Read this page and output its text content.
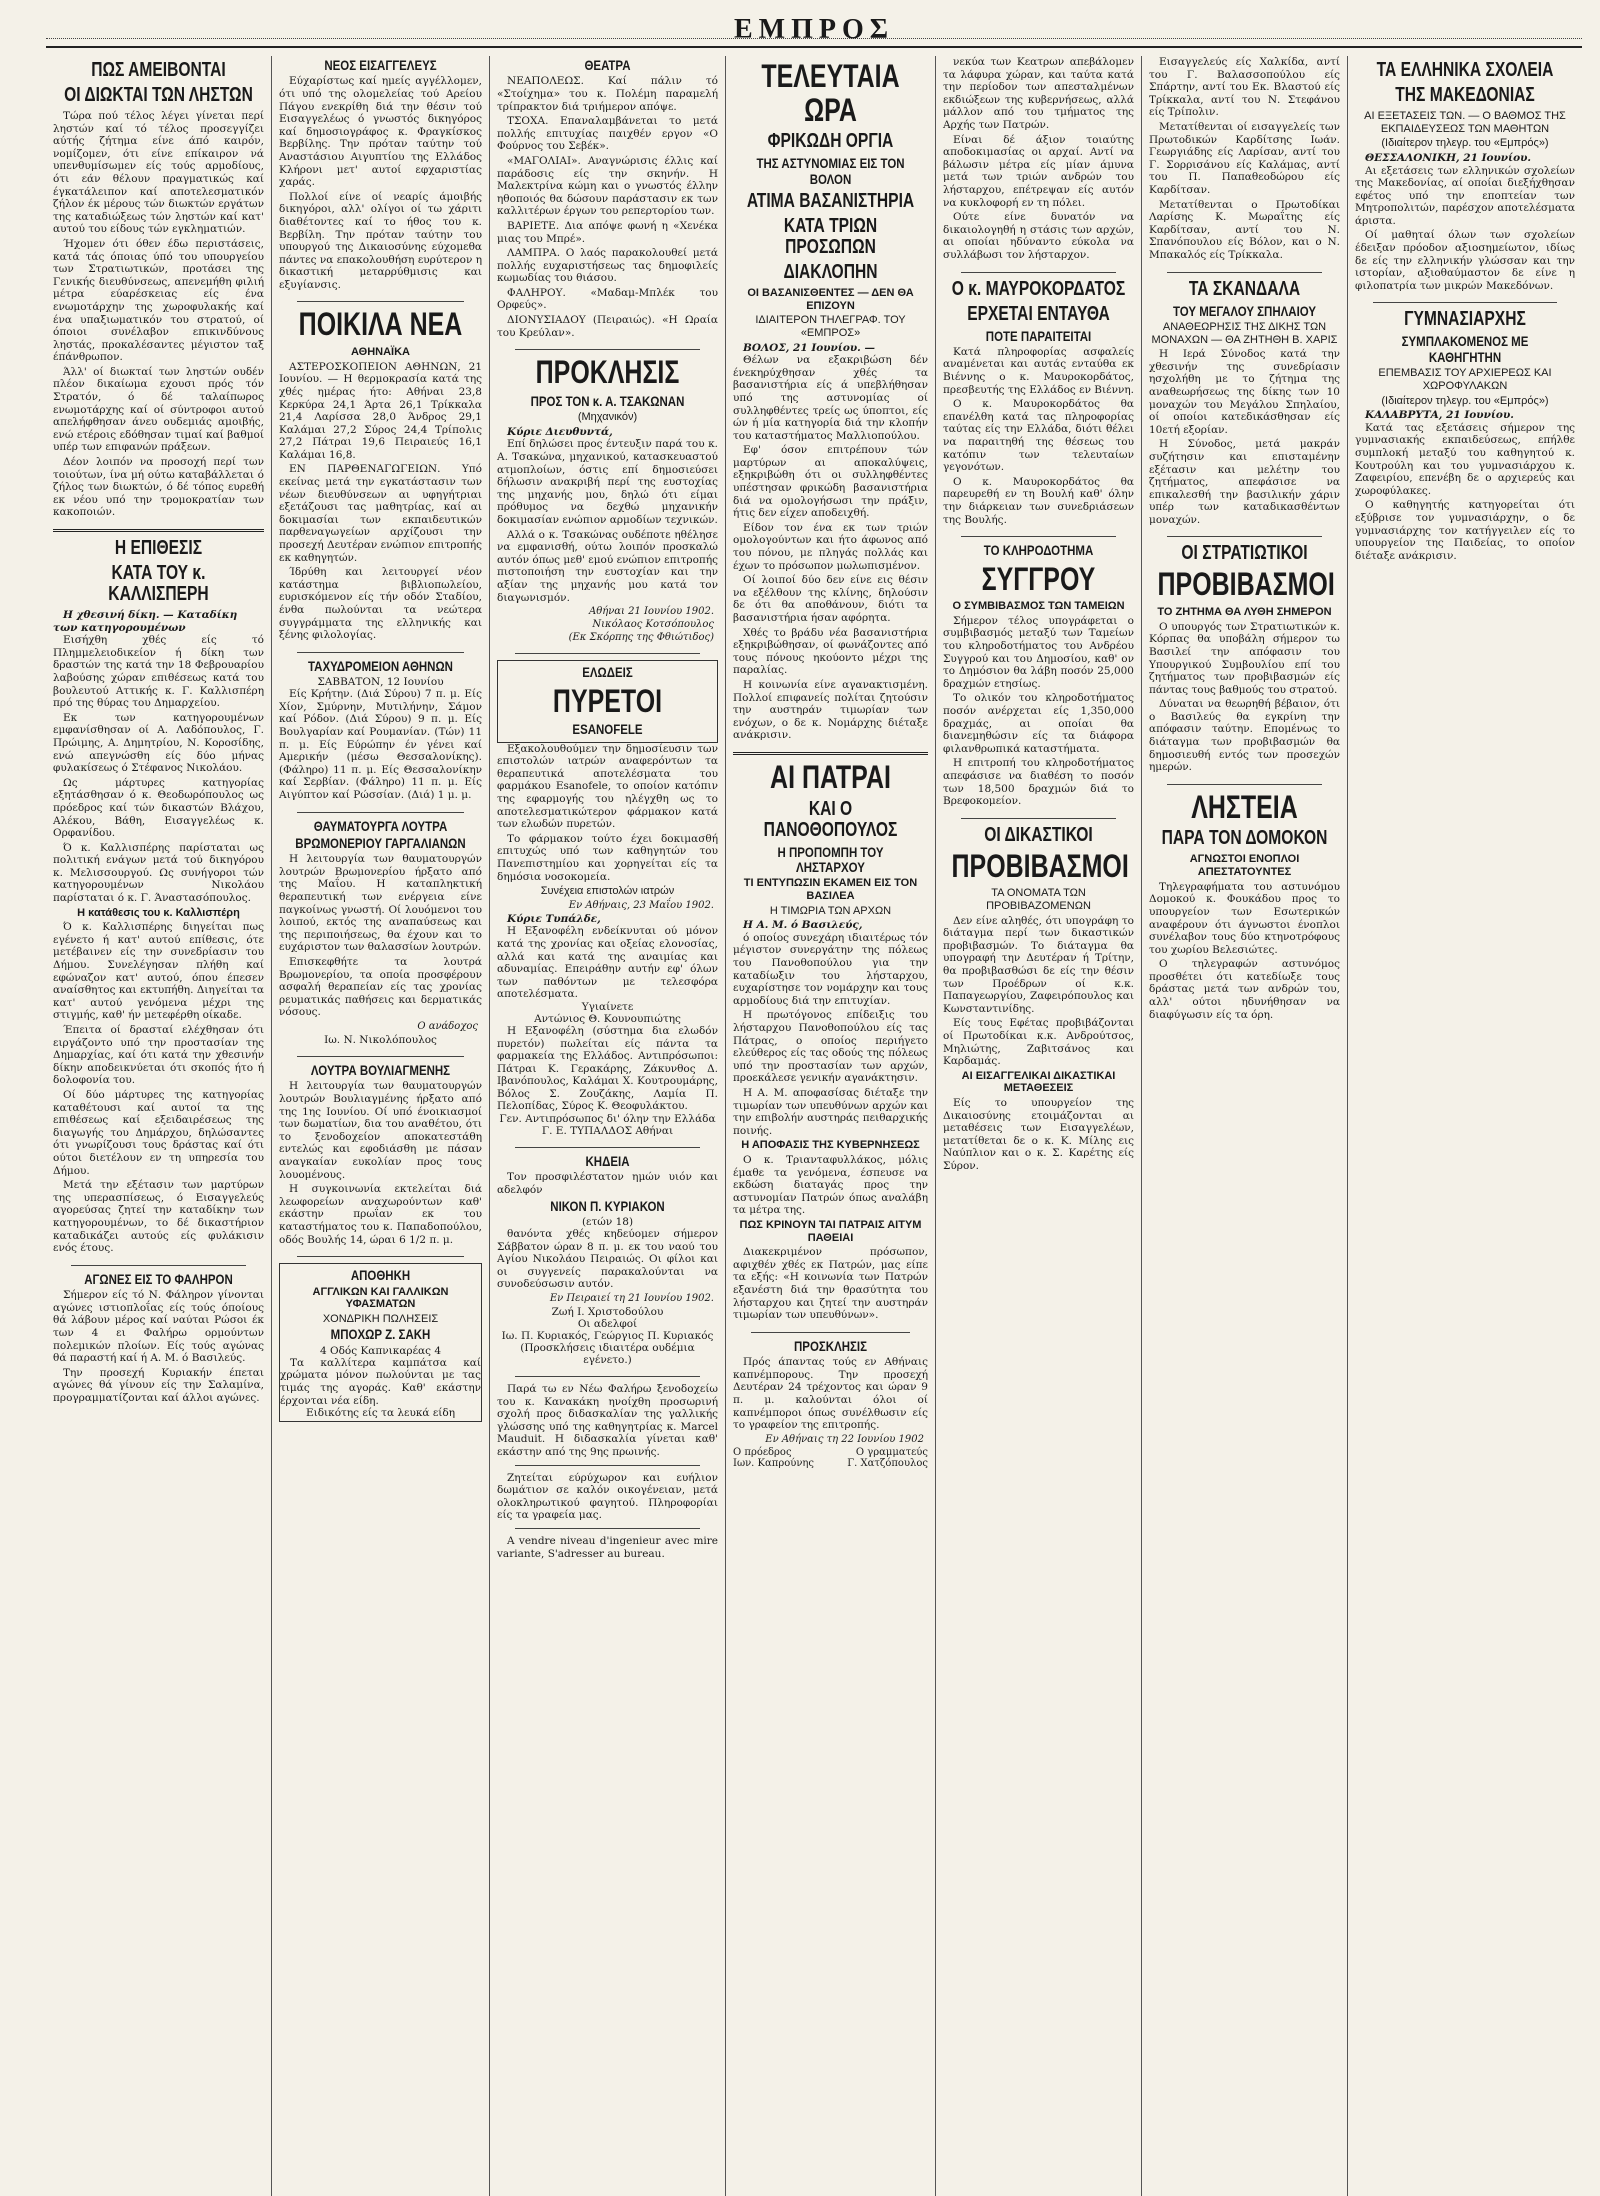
ΕΜΠΡΟΣ
ΠΩΣ ΑΜΕΙΒΟΝΤΑΙ
ΟΙ ΔΙΩΚΤΑΙ ΤΩΝ ΛΗΣΤΩΝ

Τώρα πού τέλος λέγει γίνεται περί ληστών καί τό τέλος προσεγγίζει αύτής ζήτημα είνε άπό καιρόν, νομίζομεν, ότι είνε επίκαιρον νά υπενθυμίσωμεν είς τούς αρμοδίους, ότι εάν θέλουν πραγματικώς καί έγκατάλειπον καί αποτελεσματικόν ζήλον έκ μέρους τών διωκτών εργάτων της καταδιώξεως τών ληστών καί κατ' αυτού του είδους τών εγκληματιών.

Ήχομεν ότι όθεν έδω περιστάσεις, κατά τάς όποιας ύπό του υπουργείου των Στρατιωτικών, προτάσει της Γενικής διευθύνσεως, απενεμήθη φιλιή μέτρα εύαρέσκειας είς ένα ενωμοτάρχην της χωροφυλακής καί ένα υπαξιωματικόν του στρατού, οί όποιοι συνέλαβον επικινδύνους ληστάς, προκαλέσαντες μέγιστον ταξ έπάνθρωπον.

Άλλ' οί διωκταί των ληστών ουδέν πλέον δικαίωμα εχουσι πρός τόν Στρατόν, ό δέ ταλαίπωρος ενωμοτάρχης καί οί σύντροφοι αυτού απελήφθησαν άνευ ουδεμιάς αμοιβής, ενώ ετέροις εδόθησαν τιμαί καί βαθμοί υπέρ των επιφανών πράξεων.

Δέον λοιπόν να προσοχή περί των τοιούτων, ίνα μή ούτω καταβάλλεται ό ζήλος των διωκτών, ό δέ τόπος ευρεθή εκ νέου υπό την τρομοκρατίαν των κακοποιών.

Η ΕΠΙΘΕΣΙΣ
ΚΑΤΑ ΤΟΥ κ. ΚΑΛΛΙΣΠΕΡΗ

Η χθεσινή δίκη. — Καταδίκη των κατηγορουμένων

Εισήχθη χθές είς τό Πλημμελειοδικείον ή δίκη των δραστών της κατά την 18 Φεβρουαρίου λαβούσης χώραν επιθέσεως κατά του βουλευτού Αττικής κ. Γ. Καλλισπέρη πρό της θύρας του Δημαρχείου.

Εκ των κατηγορουμένων εμφανίσθησαν οί Α. Λαδόπουλος, Γ. Πρώιμης, Α. Δημητρίου, Ν. Κοροσίδης, ενώ απεγνώσθη είς δύο μήνας φυλακίσεως ό Στέφανος Νικολάου.

Ως μάρτυρες κατηγορίας εξητάσθησαν ό κ. Θεοδωρόπουλος ως πρόεδρος καί τών δικαστών Βλάχου, Αλέκου, Βάθη, Εισαγγελέως κ. Ορφανίδου.

Ό κ. Καλλισπέρης παρίσταται ως πολιτική ενάγων μετά τού δικηγόρου κ. Μελισσουργού. Ως συνήγοροι τών κατηγορουμένων Νικολάου παρίσταται ό κ. Γ. Άναστασόπουλος.

Η κατάθεσις του κ. Καλλισπέρη

Ό κ. Καλλισπέρης διηγείται πως εγένετο ή κατ' αυτού επίθεσις, ότε μετέβαινεν είς την συνεδρίασιν του Δήμου. Συνελέγησαν πλήθη καί εφώναζον κατ' αυτού, όπου έπεσεν αναίσθητος και εκτυπήθη. Διηγείται τα κατ' αυτού γενόμενα μέχρι της στιγμής, καθ' ήν μετεφέρθη οίκαδε.

Έπειτα οί δρασταί ελέχθησαν ότι ειργάζοντο υπό την προστασίαν της Δημαρχίας, καί ότι κατά την χθεσινήν δίκην αποδεικνύεται ότι σκοπός ήτο ή δολοφονία του.

Οί δύο μάρτυρες της κατηγορίας καταθέτουσι καί αυτοί τα της επιθέσεως καί εξειδαιρέσεως της διαγωγής του Δημάρχου, δηλώσαντες ότι γνωρίζουσι τους δράστας καί ότι ούτοι διετέλουν εν τη υπηρεσία του Δήμου.

Μετά την εξέτασιν των μαρτύρων της υπερασπίσεως, ό Εισαγγελεύς αγορεύσας ζητεί την καταδίκην των κατηγορουμένων, το δέ δικαστήριον καταδικάζει αυτούς είς φυλάκισιν ενός έτους.

ΑΓΩΝΕΣ ΕΙΣ ΤΟ ΦΑΛΗΡΟΝ

Σήμερον είς τό Ν. Φάληρον γίνονται αγώνες ιστιοπλοΐας είς τούς όποίους θά λάβουν μέρος καί ναύται Ρώσοι έκ των 4 ει Φαλήρω ορμούντων πολεμικών πλοίων. Είς τούς αγώνας θά παραστή καί ή Α. Μ. ό Βασιλεύς.

Την προσεχή Κυριακήν έπεται αγώνες θά γίνουν είς την Σαλαμίνα, προγραμματίζονται καί άλλοι αγώνες.

ΝΕΟΣ ΕΙΣΑΓΓΕΛΕΥΣ

Εύχαρίστως καί ημείς αγγέλλομεν, ότι υπό της ολομελείας τού Αρείου Πάγου ενεκρίθη διά την θέσιν τού Εισαγγελέως ό γνωστός δικηγόρος καί δημοσιογράφος κ. Φραγκίσκος Βερβίλης. Την πρόταν ταύτην τού Αναστάσιου Αιγυπτίου της Ελλάδος Κλήρονι μετ' αυτοί εφχαριστίας χαράς.

Πολλοί είνε οί νεαρίς άμοιβής δικηγόροι, αλλ' ολίγοι οί τω χάριτι διαθέτοντες καί το ήθος του κ. Βερβίλη. Την πρόταν ταύτην του υπουργού της Δικαιοσύνης εύχομεθα πάντες να επακολουθήση ευρύτερον η δικαστική μεταρρύθμισις και εξυγίανσις.

ΠΟΙΚΙΛΑ ΝΕΑ
ΑΘΗΝΑΪΚΑ

ΑΣΤΕΡΟΣΚΟΠΕΙΟΝ ΑΘΗΝΩΝ, 21 Ιουνίου. — Η θερμοκρασία κατά της χθές ημέρας ήτο: Αθήναι 23,8 Κερκύρα 24,1 Άρτα 26,1 Τρίκκαλα 21,4 Λαρίσσα 28,0 Άνδρος 29,1 Καλάμαι 27,2 Σύρος 24,4 Τρίπολις 27,2 Πάτραι 19,6 Πειραιεύς 16,1 Καλάμαι 16,8.

ΕΝ ΠΑΡΘΕΝΑΓΩΓΕΙΩΝ. Υπό εκείνας μετά την εγκατάστασιν των νέων διευθύνσεων αι υφηγήτριαι εξετάζουσι τας μαθητρίας, καί αι δοκιμασίαι των εκπαιδευτικών παρθεναγωγείων αρχίζουσι την προσεχή Δευτέραν ενώπιον επιτροπής εκ καθηγητών.

Ίδρύθη και λειτουργεί νέον κατάστημα βιβλιοπωλείου, ευρισκόμενον είς τήν οδόν Σταδίου, ένθα πωλούνται τα νεώτερα συγγράμματα της ελληνικής και ξένης φιλολογίας.

ΤΑΧΥΔΡΟΜΕΙΟΝ ΑΘΗΝΩΝ
ΣΑΒΒΑΤΟΝ, 12 Ιουνίου

Είς Κρήτην. (Διά Σύρου) 7 π. μ. Είς Χίον, Σμύρνην, Μυτιλήνην, Σάμον καί Ρόδον. (Διά Σύρου) 9 π. μ. Είς Βουλγαρίαν καί Ρουμανίαν. (Τών) 11 π. μ. Είς Εύρώπην έν γένει καί Αμερικήν (μέσω Θεσσαλονίκης). (Φάληρο) 11 π. μ. Είς Θεσσαλονίκην καί Σερβίαν. (Φάληρο) 11 π. μ. Είς Αιγύπτον καί Ρώσσίαν. (Διά) 1 μ. μ.

ΘΑΥΜΑΤΟΥΡΓΑ ΛΟΥΤΡΑ
ΒΡΩΜΟΝΕΡΙΟΥ ΓΑΡΓΑΛΙΑΝΩΝ

Η λειτουργία των θαυματουργών λουτρών Βρωμονερίου ήρξατο από της Μαΐου. Η καταπληκτική θεραπευτική των ενέργεια είνε παγκοίνως γνωστή. Οί λουόμενοι του λοιπού, εκτός της αναπαύσεως και της περιποιήσεως, θα έχουν και το ευχάριστον των θαλασσίων λουτρών.

Επισκεφθήτε τα λουτρά Βρωμονερίου, τα οποία προσφέρουν ασφαλή θεραπείαν είς τας χρονίας ρευματικάς παθήσεις και δερματικάς νόσους.

Ο ανάδοχος
Ιω. Ν. Νικολόπουλος
ΛΟΥΤΡΑ ΒΟΥΛΙΑΓΜΕΝΗΣ

Η λειτουργία των θαυματουργών λουτρών Βουλιαγμένης ήρξατο από της 1ης Ιουνίου. Οί υπό ένοικιασμοί των δωματίων, δια του αναθέτου, ότι το ξενοδοχείον αποκατεστάθη εντελώς και εφοδιάσθη με πάσαν αναγκαίαν ευκολίαν προς τους λουομένους.

Η συγκοινωνία εκτελείται διά λεωφορείων αναχωρούντων καθ' εκάστην πρωΐαν εκ του καταστήματος του κ. Παπαδοπούλου, οδός Βουλής 14, ώραι 6 1/2 π. μ.

ΑΠΟΘΗΚΗ
ΑΓΓΛΙΚΩΝ ΚΑΙ ΓΑΛΛΙΚΩΝ ΥΦΑΣΜΑΤΩΝ
ΧΟΝΔΡΙΚΗ ΠΩΛΗΣΕΙΣ
ΜΠΟΧΩΡ Ζ. ΣΑΚΗ
4 Οδός Καπνικαρέας 4

Τα καλλίτερα καμπάτσα καί χρώματα μόνον πωλούνται με τας τιμάς της αγοράς. Καθ' εκάστην έρχονται νέα είδη.

Ειδικότης είς τα λευκά είδη
ΘΕΑΤΡΑ

ΝΕΑΠΟΛΕΩΣ. Καί πάλιν τό «Στοίχημα» του κ. Πολέμη παραμελή τρίπρακτον διά τριήμερον απόψε.

ΤΣΟΧΑ. Επαναλαμβάνεται το μετά πολλής επιτυχίας παιχθέν εργον «Ο Φούρνος του Σεβέκ».

«ΜΑΓΟΛΙΑΙ». Αναγνώρισις έλλις καί παράδοσις είς την σκηνήν. Η Μαλεκτρίνα κώμη και ο γνωστός έλλην ηθοποιός θα δώσουν παράστασιν εκ των καλλιτέρων έργων του ρεπερτορίου των.

ΒΑΡΙΕΤΕ. Δια απόψε φωνή η «Χενέκα μιας του Μπρέ».

ΛΑΜΠΡΑ. Ο λαός παρακολουθεί μετά πολλής ευχαριστήσεως τας δημοφιλείς κωμωδίας του θιάσου.

ΦΑΛΗΡΟΥ. «Μαδαμ-Μπλέκ του Ορφεύς».

ΔΙΟΝΥΣΙΑΔΟΥ (Πειραιώς). «Η Ωραία του Κρεύλαν».

ΠΡΟΚΛΗΣΙΣ
ΠΡΟΣ ΤΟΝ κ. Α. ΤΣΑΚΩΝΑΝ
(Μηχανικόν)

Κύριε Διευθυντά,

Επί δηλώσει προς έντευξιν παρά του κ. Α. Τσακώνα, μηχανικού, κατασκευαστού ατμοπλοίων, όστις επί δημοσιεύσει δήλωσιν ανακριβή περί της ευστοχίας της μηχανής μου, δηλώ ότι είμαι πρόθυμος να δεχθώ μηχανικήν δοκιμασίαν ενώπιον αρμοδίων τεχνικών.

Αλλά ο κ. Τσακώνας ουδέποτε ηθέλησε να εμφανισθή, ούτω λοιπόν προσκαλώ αυτόν όπως μεθ' εμού ενώπιον επιτροπής πιστοποιήση την ευστοχίαν και την αξίαν της μηχανής μου κατά τον διαγωνισμόν.

Αθήναι 21 Ιουνίου 1902.
Νικόλαος Κοτσόπουλος
(Εκ Σκόρπης της Φθιώτιδος)
ΕΛΩΔΕΙΣ
ΠΥΡΕΤΟΙ
ESANOFELE

Εξακολουθούμεν την δημοσίευσιν των επιστολών ιατρών αναφερόντων τα θεραπευτικά αποτελέσματα του φαρμάκου Esanofele, το οποίον κατόπιν της εφαρμογής του ηλέγχθη ως το αποτελεσματικώτερον φάρμακον κατά των ελωδών πυρετών.

Το φάρμακον τούτο έχει δοκιμασθή επιτυχώς υπό των καθηγητών του Πανεπιστημίου και χορηγείται είς τα δημόσια νοσοκομεία.

Συνέχεια επιστολών ιατρών
Εν Αθήναις, 23 Μαΐου 1902.

Κύριε Τυπάλδε,

Η Εξανοφέλη ενδείκνυται ού μόνον κατά της χρονίας και οξείας ελονοσίας, αλλά και κατά της αναιμίας και αδυναμίας. Επειράθην αυτήν εφ' όλων των παθόντων με τελεσφόρα αποτελέσματα.

Υγιαίνετε
Αντώνιος Θ. Κουνουπιώτης

Η Εξανοφέλη (σύστημα δια ελωδόν πυρετόν) πωλείται είς πάντα τα φαρμακεία της Ελλάδος. Αντιπρόσωποι: Πάτραι Κ. Γερακάρης, Ζάκυνθος Δ. Ιβανόπουλος, Καλάμαι Χ. Κουτρουμάρης, Βόλος Σ. Ζουζάκης, Λαμία Π. Πελοπίδας, Σύρος Κ. Θεοφυλάκτου.

Γεν. Αντιπρόσωπος δι' όλην την Ελλάδα Γ. Ε. ΤΥΠΑΛΔΟΣ Αθήναι
ΚΗΔΕΙΑ

Τον προσφιλέστατον ημών υιόν και αδελφόν

ΝΙΚΟΝ Π. ΚΥΡΙΑΚΟΝ
(ετών 18)

θανόντα χθές κηδεύομεν σήμερον Σάββατον ώραν 8 π. μ. εκ του ναού του Αγίου Νικολάου Πειραιώς. Οι φίλοι και οι συγγενείς παρακαλούνται να συνοδεύσωσιν αυτόν.

Εν Πειραιεί τη 21 Ιουνίου 1902.
Ζωή Ι. Χριστοδούλου
Οι αδελφοί
Ιω. Π. Κυριακός, Γεώργιος Π. Κυριακός
(Προσκλήσεις ιδιαιτέρα ουδέμια εγένετο.)

Παρά τω εν Νέω Φαλήρω ξενοδοχείω του κ. Κανακάκη ηνοίχθη προσωρινή σχολή προς διδασκαλίαν της γαλλικής γλώσσης υπό της καθηγητρίας κ. Marcel Mauduit. Η διδασκαλία γίνεται καθ' εκάστην από της 9ης πρωινής.

Ζητείται εύρύχωρον και ευήλιον δωμάτιον σε καλόν οικογένειαν, μετά ολοκληρωτικού φαγητού. Πληροφορίαι είς τα γραφεία μας.

A vendre niveau d'ingenieur avec mire variante, S'adresser au bureau.

ΤΕΛΕΥΤΑΙΑ ΩΡΑ
ΦΡΙΚΩΔΗ ΟΡΓΙΑ
ΤΗΣ ΑΣΤΥΝΟΜΙΑΣ ΕΙΣ ΤΟΝ ΒΟΛΟΝ
ΑΤΙΜΑ ΒΑΣΑΝΙΣΤΗΡΙΑ
ΚΑΤΑ ΤΡΙΩΝ ΠΡΟΣΩΠΩΝ
ΔΙΑΚΛΟΠΗΝ
ΟΙ ΒΑΣΑΝΙΣΘΕΝΤΕΣ — ΔΕΝ ΘΑ ΕΠΙΖΟΥΝ
ΙΔΙΑΙΤΕΡΟΝ ΤΗΛΕΓΡΑΦ. ΤΟΥ «ΕΜΠΡΟΣ»

ΒΟΛΟΣ, 21 Ιουνίου. —

Θέλων να εξακριβώση δέν ένεκηρύχθησαν χθές τα βασανιστήρια είς ά υπεβλήθησαν υπό της αστυνομίας οί συλληφθέντες τρείς ως ύποπτοι, είς ών ή μία κατηγορία διά την κλοπήν του καταστήματος Μαλλιοπούλου.

Εφ' όσον επιτρέπουν τών μαρτύρων αι αποκαλύψεις, εξηκριβώθη ότι οι συλληφθέντες υπέστησαν φρικώδη βασανιστήρια διά να ομολογήσωσι την πράξιν, ήτις δεν είχεν αποδειχθή.

Είδον τον ένα εκ των τριών ομολογούντων και ήτο άφωνος από του πόνου, με πληγάς πολλάς και έχων το πρόσωπον μωλωπισμένον.

Οί λοιποί δύο δεν είνε εις θέσιν να εξέλθουν της κλίνης, δηλούσιν δε ότι θα αποθάνουν, διότι τα βασανιστήρια ήσαν αφόρητα.

Χθές το βράδυ νέα βασανιστήρια εξηκριβώθησαν, οί φωνάζοντες από τους πόνους ηκούοντο μέχρι της παραλίας.

Η κοινωνία είνε αγανακτισμένη. Πολλοί επιφανείς πολίται ζητούσιν την αυστηράν τιμωρίαν των ενόχων, ο δε κ. Νομάρχης διέταξε ανάκρισιν.

ΑΙ ΠΑΤΡΑΙ
ΚΑΙ Ο ΠΑΝΟΘΟΠΟΥΛΟΣ
Η ΠΡΟΠΟΜΠΗ ΤΟΥ ΛΗΣΤΑΡΧΟΥ
ΤΙ ΕΝΤΥΠΩΣΙΝ ΕΚΑΜΕΝ ΕΙΣ ΤΟΝ ΒΑΣΙΛΕΑ
Η ΤΙΜΩΡΙΑ ΤΩΝ ΑΡΧΩΝ

Η Α. Μ. ό Βασιλεύς,

ό οποίος συνεχάρη ιδιαιτέρως τόν μέγιστον συνεργάτην της πόλεως του Πανοθοπούλου για την καταδίωξιν του λήσταρχου, ευχαρίστησε τον νομάρχην και τους αρμοδίους διά την επιτυχίαν.

Η πρωτόγονος επίδειξις του λήσταρχου Πανοθοπούλου είς τας Πάτρας, ο οποίος περιήγετο ελεύθερος είς τας οδούς της πόλεως υπό την προστασίαν των αρχών, προεκάλεσε γενικήν αγανάκτησιν.

Η Α. Μ. αποφασίσας διέταξε την τιμωρίαν των υπευθύνων αρχών και την επιβολήν αυστηράς πειθαρχικής ποινής.

Η ΑΠΟΦΑΣΙΣ ΤΗΣ ΚΥΒΕΡΝΗΣΕΩΣ

Ο κ. Τριανταφυλλάκος, μόλις έμαθε τα γενόμενα, έσπευσε να εκδώση διαταγάς προς την αστυνομίαν Πατρών όπως αναλάβη τα μέτρα της.

ΠΩΣ ΚΡΙΝΟΥΝ ΤΑΙ ΠΑΤΡΑΙΣ ΑΙΤΥΜ ΠΑΘΕΙΑΙ

Διακεκριμένον πρόσωπον, αφιχθέν χθές εκ Πατρών, μας είπε τα εξής: «Η κοινωνία των Πατρών εξανέστη διά την θρασύτητα του λήσταρχου και ζητεί την αυστηράν τιμωρίαν των υπευθύνων».

ΠΡΟΣΚΛΗΣΙΣ

Πρός άπαντας τούς εν Αθήναις καπνέμπορους. Την προσεχή Δευτέραν 24 τρέχοντος και ώραν 9 π. μ. καλούνται όλοι οί καπνέμποροι όπως συνέλθωσιν είς το γραφείον της επιτροπής.

Εν Αθήναις τη 22 Ιουνίου 1902
Ο πρόεδρος	Ο γραμματεύς
Ιων. Καπρούνης	Γ. Χατζόπουλος

νεκύα των Κεατρων απεβάλομεν τα λάφυρα χώραν, και ταύτα κατά την περίοδον των απεσταλμένων εκδιώξεων της κυβερνήσεως, αλλά μάλλον από του τμήματος της Αρχής των Πατρών.

Είναι δέ άξιον τοιαύτης αποδοκιμασίας οι αρχαί. Αντί να βάλωσιν μέτρα είς μίαν άμυνα μετά των τριών ανδρών του λήσταρχου, επέτρεψαν είς αυτόν να κυκλοφορή εν τη πόλει.

Ούτε είνε δυνατόν να δικαιολογηθή η στάσις των αρχών, αι οποίαι ηδύναντο εύκολα να συλλάβωσι τον λήσταρχον.

Ο κ. ΜΑΥΡΟΚΟΡΔΑΤΟΣ
ΕΡΧΕΤΑΙ ΕΝΤΑΥΘΑ
ΠΟΤΕ ΠΑΡΑΙΤΕΙΤΑΙ

Κατά πληροφορίας ασφαλείς αναμένεται και αυτάς ενταύθα εκ Βιέννης ο κ. Μαυροκορδάτος, πρεσβευτής της Ελλάδος εν Βιέννη.

Ο κ. Μαυροκορδάτος θα επανέλθη κατά τας πληροφορίας ταύτας είς την Ελλάδα, διότι θέλει να παραιτηθή της θέσεως του κατόπιν των τελευταίων γεγονότων.

Ο κ. Μαυροκορδάτος θα παρευρεθή εν τη Βουλή καθ' όλην την διάρκειαν των συνεδριάσεων της Βουλής.

ΤΟ ΚΛΗΡΟΔΟΤΗΜΑ
ΣΥΓΓΡΟΥ
Ο ΣΥΜΒΙΒΑΣΜΟΣ ΤΩΝ ΤΑΜΕΙΩΝ

Σήμερον τέλος υπογράφεται ο συμβιβασμός μεταξύ των Ταμείων του κληροδοτήματος του Ανδρέου Συγγρού και του Δημοσίου, καθ' ον το Δημόσιον θα λάβη ποσόν 25,000 δραχμών ετησίως.

Το ολικόν του κληροδοτήματος ποσόν ανέρχεται είς 1,350,000 δραχμάς, αι οποίαι θα διανεμηθώσιν είς τα διάφορα φιλανθρωπικά καταστήματα.

Η επιτροπή του κληροδοτήματος απεφάσισε να διαθέση το ποσόν των 18,500 δραχμών διά το Βρεφοκομείον.

ΟΙ ΔΙΚΑΣΤΙΚΟΙ
ΠΡΟΒΙΒΑΣΜΟΙ
ΤΑ ΟΝΟΜΑΤΑ ΤΩΝ ΠΡΟΒΙΒΑΖΟΜΕΝΩΝ

Δεν είνε αληθές, ότι υπογράφη το διάταγμα περί των δικαστικών προβιβασμών. Το διάταγμα θα υπογραφή την Δευτέραν ή Τρίτην, θα προβιβασθώσι δε είς την θέσιν των Προέδρων οί κ.κ. Παπαγεωργίου, Ζαφειρόπουλος και Κωνσταντινίδης.

Είς τους Εφέτας προβιβάζονται οί Πρωτοδίκαι κ.κ. Ανδρούτσος, Μηλιώτης, Ζαβιτσάνος και Καρδαμάς.

ΑΙ ΕΙΣΑΓΓΕΛΙΚΑΙ ΔΙΚΑΣΤΙΚΑΙ ΜΕΤΑΘΕΣΕΙΣ

Είς το υπουργείον της Δικαιοσύνης ετοιμάζονται αι μεταθέσεις των Εισαγγελέων, μετατίθεται δε ο κ. Κ. Μίλης εις Ναύπλιον και ο κ. Σ. Καρέτης είς Σύρον.

Εισαγγελεύς είς Χαλκίδα, αντί του Γ. Βαλασσοπούλου είς Σπάρτην, αντί του Εκ. Βλαστού είς Τρίκκαλα, αντί του Ν. Στεφάνου είς Τρίπολιν.

Μετατίθενται οί εισαγγελείς των Πρωτοδικών Καρδίτσης Ιωάν. Γεωργιάδης είς Λαρίσαν, αντί του Γ. Σορρισάνου είς Καλάμας, αντί του Π. Παπαθεοδώρου είς Καρδίτσαν.

Μετατίθενται ο Πρωτοδίκαι Λαρίσης Κ. Μωραΐτης είς Καρδίτσαν, αντί του Ν. Σπανόπουλου είς Βόλον, και ο Ν. Μπακαλός είς Τρίκκαλα.

ΤΑ ΣΚΑΝΔΑΛΑ
ΤΟΥ ΜΕΓΑΛΟΥ ΣΠΗΛΑΙΟΥ
ΑΝΑΘΕΩΡΗΣΙΣ ΤΗΣ ΔΙΚΗΣ ΤΩΝ ΜΟΝΑΧΩΝ — ΘΑ ΖΗΤΗΘΗ Β. ΧΑΡΙΣ

Η Ιερά Σύνοδος κατά την χθεσινήν της συνεδρίασιν ησχολήθη με το ζήτημα της αναθεωρήσεως της δίκης των 10 μοναχών του Μεγάλου Σπηλαίου, οί οποίοι κατεδικάσθησαν είς 10ετή εξορίαν.

Η Σύνοδος, μετά μακράν συζήτησιν και επισταμένην εξέτασιν και μελέτην του ζητήματος, απεφάσισε να επικαλεσθή την βασιλικήν χάριν υπέρ των καταδικασθέντων μοναχών.

ΟΙ ΣΤΡΑΤΙΩΤΙΚΟΙ
ΠΡΟΒΙΒΑΣΜΟΙ
ΤΟ ΖΗΤΗΜΑ ΘΑ ΛΥΘΗ ΣΗΜΕΡΟΝ

Ο υπουργός των Στρατιωτικών κ. Κόρπας θα υποβάλη σήμερον τω Βασιλεί την απόφασιν του Υπουργικού Συμβουλίου επί του ζητήματος των προβιβασμών είς πάντας τους βαθμούς του στρατού.

Δύναται να θεωρηθή βέβαιον, ότι ο Βασιλεύς θα εγκρίνη την απόφασιν ταύτην. Επομένως το διάταγμα των προβιβασμών θα δημοσιευθή εντός των προσεχών ημερών.

ΛΗΣΤΕΙΑ
ΠΑΡΑ ΤΟΝ ΔΟΜΟΚΟΝ
ΑΓΝΩΣΤΟΙ ΕΝΟΠΛΟΙ ΑΠΕΣΤΑΤΟΥΝΤΕΣ

Τηλεγραφήματα του αστυνόμου Δομοκού κ. Φουκάδου προς το υπουργείον των Εσωτερικών αναφέρουν ότι άγνωστοι ένοπλοι συνέλαβον τους δύο κτηνοτρόφους του χωρίου Βελεσιώτες.

Ο τηλεγραφών αστυνόμος προσθέτει ότι κατεδίωξε τους δράστας μετά των ανδρών του, αλλ' ούτοι ηδυνήθησαν να διαφύγωσιν είς τα όρη.

ΤΑ ΕΛΛΗΝΙΚΑ ΣΧΟΛΕΙΑ
ΤΗΣ ΜΑΚΕΔΟΝΙΑΣ
ΑΙ ΕΞΕΤΑΣΕΙΣ ΤΩΝ. — Ο ΒΑΘΜΟΣ ΤΗΣ ΕΚΠΑΙΔΕΥΣΕΩΣ ΤΩΝ ΜΑΘΗΤΩΝ
(Ιδιαίτερον τηλεγρ. του «Εμπρός»)

ΘΕΣΣΑΛΟΝΙΚΗ, 21 Ιουνίου.

Αι εξετάσεις των ελληνικών σχολείων της Μακεδονίας, αί οποίαι διεξήχθησαν εφέτος υπό την εποπτείαν των Μητροπολιτών, παρέσχον αποτελέσματα άριστα.

Οί μαθηταί όλων των σχολείων έδειξαν πρόοδον αξιοσημείωτον, ιδίως δε είς την ελληνικήν γλώσσαν και την ιστορίαν, αξιοθαύμαστον δε είνε η φιλοπατρία των μικρών Μακεδόνων.

ΓΥΜΝΑΣΙΑΡΧΗΣ
ΣΥΜΠΛΑΚΟΜΕΝΟΣ ΜΕ ΚΑΘΗΓΗΤΗΝ
ΕΠΕΜΒΑΣΙΣ ΤΟΥ ΑΡΧΙΕΡΕΩΣ ΚΑΙ ΧΩΡΟΦΥΛΑΚΩΝ
(Ιδιαίτερον τηλεγρ. του «Εμπρός»)

ΚΑΛΑΒΡΥΤΑ, 21 Ιουνίου.

Κατά τας εξετάσεις σήμερον της γυμνασιακής εκπαιδεύσεως, επήλθε συμπλοκή μεταξύ του καθηγητού κ. Κουτρούλη και του γυμνασιάρχου κ. Ζαφειρίου, επενέβη δε ο αρχιερεύς και χωροφύλακες.

Ο καθηγητής κατηγορείται ότι εξύβρισε τον γυμνασιάρχην, ο δε γυμνασιάρχης τον κατήγγειλεν είς το υπουργείον της Παιδείας, το οποίον διέταξε ανάκρισιν.
